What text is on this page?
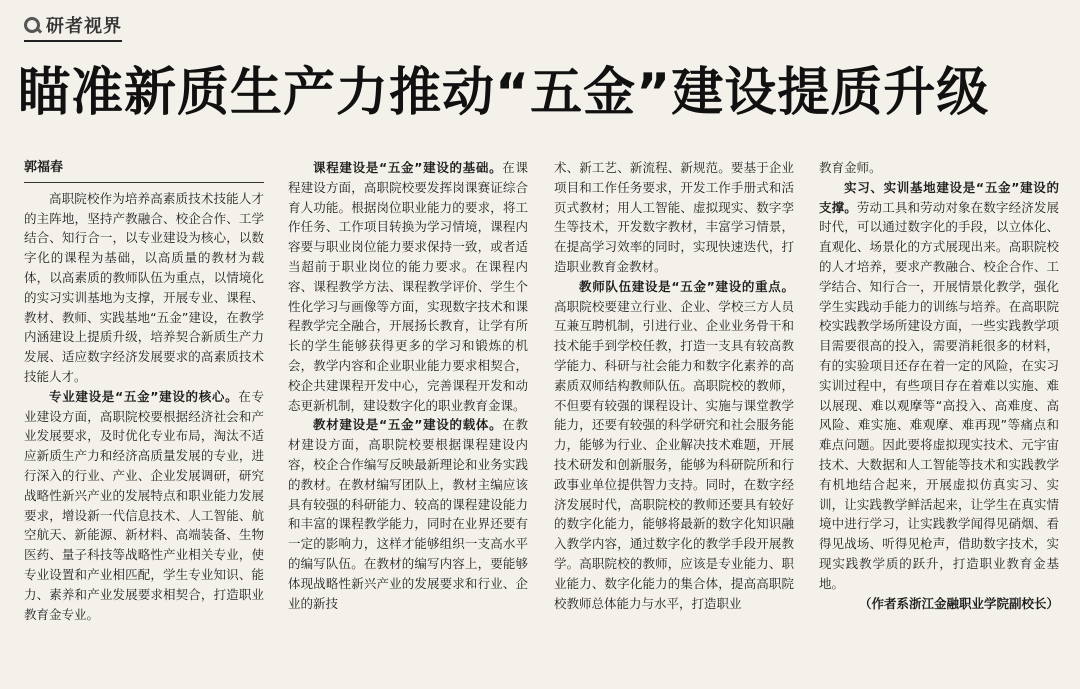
研者视界
瞄准新质生产力推动“五金”建设提质升级
郭福春

高职院校作为培养高素质技术技能人才的主阵地，坚持产教融合、校企合作、工学结合、知行合一，以专业建设为核心，以数字化的课程为基础，以高质量的教材为载体，以高素质的教师队伍为重点，以情境化的实习实训基地为支撑，开展专业、课程、教材、教师、实践基地“五金”建设，在教学内涵建设上提质升级，培养契合新质生产力发展、适应数字经济发展要求的高素质技术技能人才。

专业建设是“五金”建设的核心。在专业建设方面，高职院校要根据经济社会和产业发展要求，及时优化专业布局，淘汰不适应新质生产力和经济高质量发展的专业，进行深入的行业、产业、企业发展调研，研究战略性新兴产业的发展特点和职业能力发展要求，增设新一代信息技术、人工智能、航空航天、新能源、新材料、高端装备、生物医药、量子科技等战略性产业相关专业，使专业设置和产业相匹配，学生专业知识、能力、素养和产业发展要求相契合，打造职业教育金专业。

课程建设是“五金”建设的基础。在课程建设方面，高职院校要发挥岗课赛证综合育人功能。根据岗位职业能力的要求，将工作任务、工作项目转换为学习情境，课程内容要与职业岗位能力要求保持一致，或者适当超前于职业岗位的能力要求。在课程内容、课程教学方法、课程教学评价、学生个性化学习与画像等方面，实现数字技术和课程教学完全融合，开展扬长教育，让学有所长的学生能够获得更多的学习和锻炼的机会，教学内容和企业职业能力要求相契合，校企共建课程开发中心，完善课程开发和动态更新机制，建设数字化的职业教育金课。

教材建设是“五金”建设的载体。在教材建设方面，高职院校要根据课程建设内容，校企合作编写反映最新理论和业务实践的教材。在教材编写团队上，教材主编应该具有较强的科研能力、较高的课程建设能力和丰富的课程教学能力，同时在业界还要有一定的影响力，这样才能够组织一支高水平的编写队伍。在教材的编写内容上，要能够体现战略性新兴产业的发展要求和行业、企业的新技

术、新工艺、新流程、新规范。要基于企业项目和工作任务要求，开发工作手册式和活页式教材；用人工智能、虚拟现实、数字孪生等技术，开发数字教材，丰富学习情景，在提高学习效率的同时，实现快速迭代，打造职业教育金教材。

教师队伍建设是“五金”建设的重点。高职院校要建立行业、企业、学校三方人员互兼互聘机制，引进行业、企业业务骨干和技术能手到学校任教，打造一支具有较高教学能力、科研与社会能力和数字化素养的高素质双师结构教师队伍。高职院校的教师，不但要有较强的课程设计、实施与课堂教学能力，还要有较强的科学研究和社会服务能力，能够为行业、企业解决技术难题，开展技术研发和创新服务，能够为科研院所和行政事业单位提供智力支持。同时，在数字经济发展时代，高职院校的教师还要具有较好的数字化能力，能够将最新的数字化知识融入教学内容，通过数字化的教学手段开展教学。高职院校的教师，应该是专业能力、职业能力、数字化能力的集合体，提高高职院校教师总体能力与水平，打造职业

教育金师。

实习、实训基地建设是“五金”建设的支撑。劳动工具和劳动对象在数字经济发展时代，可以通过数字化的手段，以立体化、直观化、场景化的方式展现出来。高职院校的人才培养，要求产教融合、校企合作、工学结合、知行合一，开展情景化教学，强化学生实践动手能力的训练与培养。在高职院校实践教学场所建设方面，一些实践教学项目需要很高的投入，需要消耗很多的材料，有的实验项目还存在着一定的风险，在实习实训过程中，有些项目存在着难以实施、难以展现、难以观摩等“高投入、高难度、高风险、难实施、难观摩、难再现”等痛点和难点问题。因此要将虚拟现实技术、元宇宙技术、大数据和人工智能等技术和实践教学有机地结合起来，开展虚拟仿真实习、实训，让实践教学鲜活起来，让学生在真实情境中进行学习，让实践教学闻得见硝烟、看得见战场、听得见枪声，借助数字技术，实现实践教学质的跃升，打造职业教育金基地。

（作者系浙江金融职业学院副校长）
